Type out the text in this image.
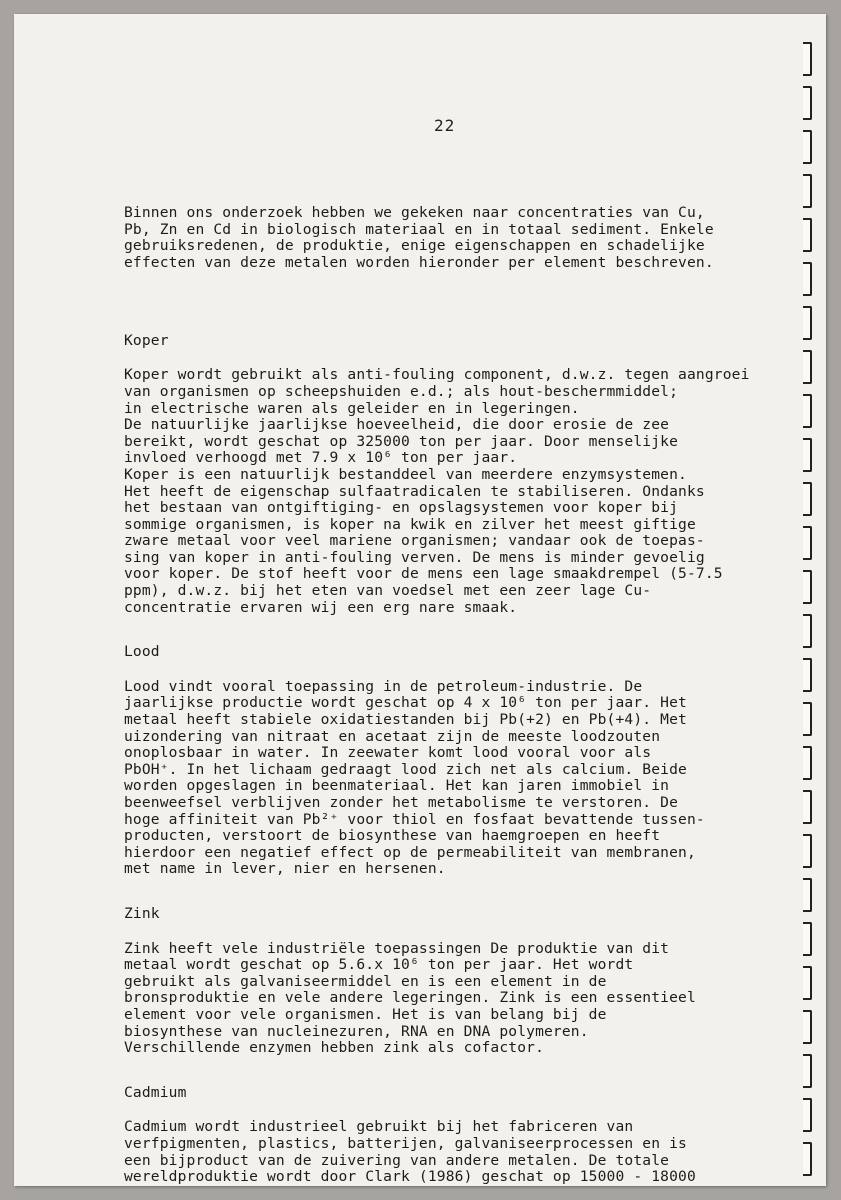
22

Binnen ons onderzoek hebben we gekeken naar concentraties van Cu,
Pb, Zn en Cd in biologisch materiaal en in totaal sediment. Enkele
gebruiksredenen, de produktie, enige eigenschappen en schadelijke
effecten van deze metalen worden hieronder per element beschreven.

Koper
Koper wordt gebruikt als anti-fouling component, d.w.z. tegen aangroei
van organismen op scheepshuiden e.d.; als hout-beschermmiddel;
in electrische waren als geleider en in legeringen.
De natuurlijke jaarlijkse hoeveelheid, die door erosie de zee
bereikt, wordt geschat op 325000 ton per jaar. Door menselijke
invloed verhoogd met 7.9 x 10⁶ ton per jaar.
Koper is een natuurlijk bestanddeel van meerdere enzymsystemen.
Het heeft de eigenschap sulfaatradicalen te stabiliseren. Ondanks
het bestaan van ontgiftiging- en opslagsystemen voor koper bij
sommige organismen, is koper na kwik en zilver het meest giftige
zware metaal voor veel mariene organismen; vandaar ook de toepas-
sing van koper in anti-fouling verven. De mens is minder gevoelig
voor koper. De stof heeft voor de mens een lage smaakdrempel (5-7.5
ppm), d.w.z. bij het eten van voedsel met een zeer lage Cu-
concentratie ervaren wij een erg nare smaak.
Lood
Lood vindt vooral toepassing in de petroleum-industrie. De
jaarlijkse productie wordt geschat op 4 x 10⁶ ton per jaar. Het
metaal heeft stabiele oxidatiestanden bij Pb(+2) en Pb(+4). Met
uizondering van nitraat en acetaat zijn de meeste loodzouten
onoplosbaar in water. In zeewater komt lood vooral voor als
PbOH⁺. In het lichaam gedraagt lood zich net als calcium. Beide
worden opgeslagen in beenmateriaal. Het kan jaren immobiel in
beenweefsel verblijven zonder het metabolisme te verstoren. De
hoge affiniteit van Pb²⁺ voor thiol en fosfaat bevattende tussen-
producten, verstoort de biosynthese van haemgroepen en heeft
hierdoor een negatief effect op de permeabiliteit van membranen,
met name in lever, nier en hersenen.
Zink
Zink heeft vele industriële toepassingen De produktie van dit
metaal wordt geschat op 5.6.x 10⁶ ton per jaar. Het wordt
gebruikt als galvaniseermiddel en is een element in de
bronsproduktie en vele andere legeringen. Zink is een essentieel
element voor vele organismen. Het is van belang bij de
biosynthese van nucleinezuren, RNA en DNA polymeren.
Verschillende enzymen hebben zink als cofactor.
Cadmium
Cadmium wordt industrieel gebruikt bij het fabriceren van
verfpigmenten, plastics, batterijen, galvaniseerprocessen en is
een bijproduct van de zuivering van andere metalen. De totale
wereldproduktie wordt door Clark (1986) geschat op 15000 - 18000
